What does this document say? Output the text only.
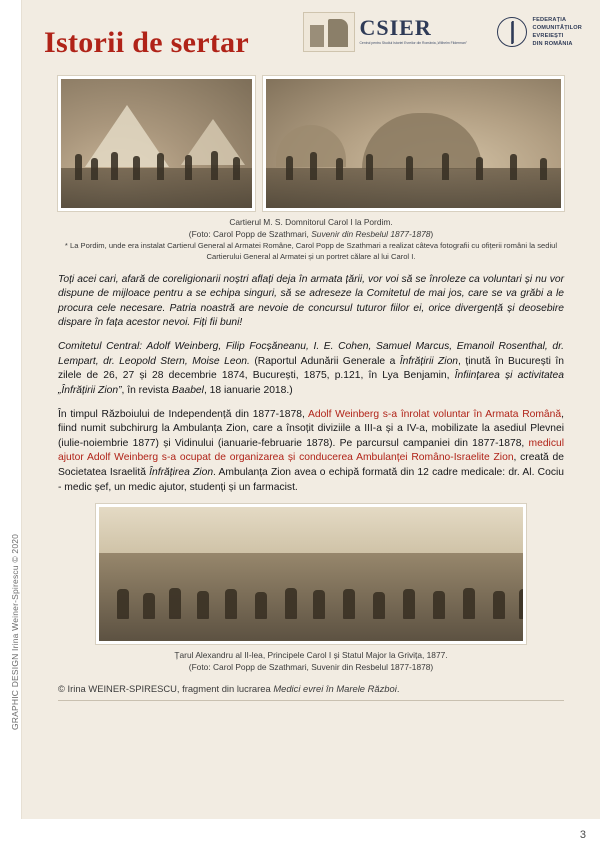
GRAPHIC DESIGN Irina Weiner-Spirescu © 2020
Istorii de sertar	CSIER
Centrul pentru Studiul Istoriei Evreilor din România „Wilhelm Filderman”
FEDERAȚIA
COMUNITĂȚILOR
EVREIEȘTI
DIN ROMÂNIA
Cartierul M. S. Domnitorul Carol I la Pordim.
(Foto: Carol Popp de Szathmari, Suvenir din Resbelul 1877-1878)
* La Pordim, unde era instalat Cartierul General al Armatei Române, Carol Popp de Szathmari a realizat câteva fotografii cu ofițerii români la sediul Cartierului General al Armatei și un portret călare al lui Carol I.

Toți acei cari, afară de coreligionarii noștri aflați deja în armata țării, vor voi să se înroleze ca voluntari și nu vor dispune de mijloace pentru a se echipa singuri, să se adreseze la Comitetul de mai jos, care se va grăbi a le procura cele necesare. Patria noastră are nevoie de concursul tuturor fiilor ei, orice divergență și deosebire dispare în fața acestor nevoi. Fiți fii buni!

Comitetul Central: Adolf Weinberg, Filip Focșăneanu, I. E. Cohen, Samuel Marcus, Emanoil Rosenthal, dr. Lempart, dr. Leopold Stern, Moise Leon. (Raportul Adunării Generale a Înfrățirii Zion, ținută în București în zilele de 26, 27 și 28 decembrie 1874, București, 1875, p.121, în Lya Benjamin, Înființarea și activitatea „Înfrățirii Zion”, în revista Baabel, 18 ianuarie 2018.)

În timpul Războiului de Independență din 1877-1878, Adolf Weinberg s-a înrolat voluntar în Armata Română, fiind numit subchirurg la Ambulanța Zion, care a însoțit diviziile a III-a și a IV-a, mobilizate la asediul Plevnei (iulie-noiembrie 1877) și Vidinului (ianuarie-februarie 1878). Pe parcursul campaniei din 1877-1878, medicul ajutor Adolf Weinberg s-a ocupat de organizarea și conducerea Ambulanței Româno-Israelite Zion, creată de Societatea Israelită Înfrățirea Zion. Ambulanța Zion avea o echipă formată din 12 cadre medicale: dr. Al. Cociu - medic șef, un medic ajutor, studenți și un farmacist.

Țarul Alexandru al II-lea, Principele Carol I și Statul Major la Grivița, 1877.
(Foto: Carol Popp de Szathmari, Suvenir din Resbelul 1877-1878)
© Irina WEINER-SPIRESCU, fragment din lucrarea Medici evrei în Marele Război.
3
